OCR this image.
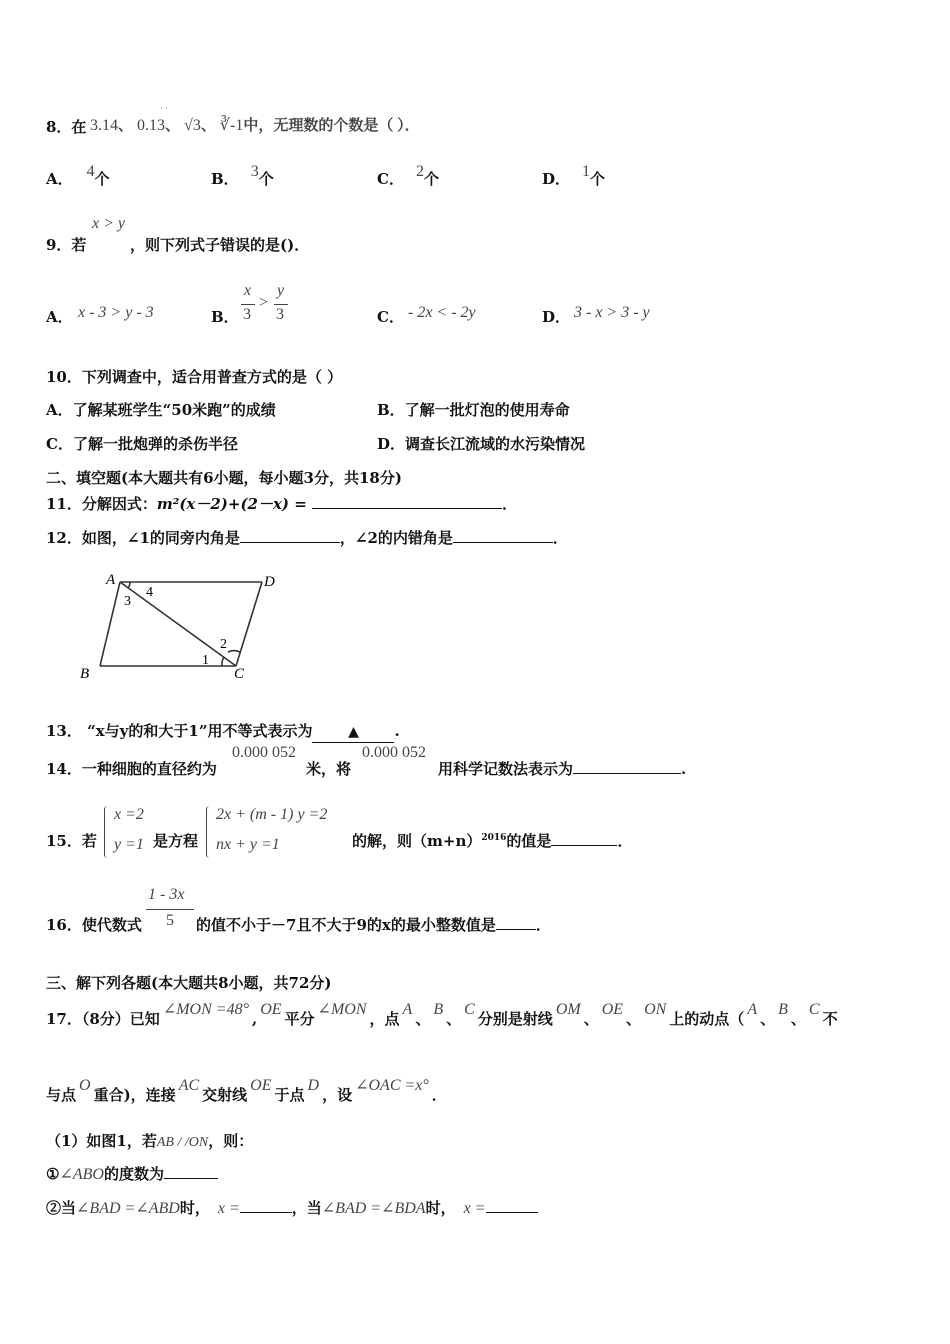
8．在 3.14、 0.13、 √3、 ∛-1中，无理数的个数是（ ）．
· ·
A． 4个	B． 3个	C． 2个	D． 1个
9．若
x > y
，则下列式子错误的是()．
A． x - 3 > y - 3	B．
x
3
>
y
3	C． - 2x < - 2y	D． 3 - x > 3 - y
10．下列调查中，适合用普查方式的是（ ）
A．了解某班学生“50米跑”的成绩	B．了解一批灯泡的使用寿命
C．了解一批炮弹的杀伤半径	D．调查长江流域的水污染情况
二、填空题(本大题共有6小题，每小题3分，共18分)
11．分解因式：m²(x－2)+(2－x) =	．
12．如图，∠1的同旁内角是	，∠2的内错角是	．
A	D
B	C
1
2
3
4
13． “x与y的和大于1”用不等式表示为	▲ .
14．一种细胞的直径约为
0.000 052
米，将
0.000 052
用科学记数法表示为	.
15．若
x =2
y =1 是方程
2x + (m - 1) y =2
nx + y =1	的解，则$(m+n)^{2016}$的值是	．
16．使代数式
1 - 3x
5 的值不小于－7且不大于9的x的最小整数值是	．
三、解下列各题(本大题共8小题，共72分)
17．（8分）已知∠MON =48°,OE平分∠MON，点A、B、C分别是射线OM、OE、ON上的动点（A、B、C不
与点O重合)，连接AC交射线OE于点D，设∠OAC =x°．
（1）如图1，若AB / /ON，则：
①∠ABO的度数为
②当∠BAD =∠ABD时， x =	，当∠BAD =∠BDA时， x =
